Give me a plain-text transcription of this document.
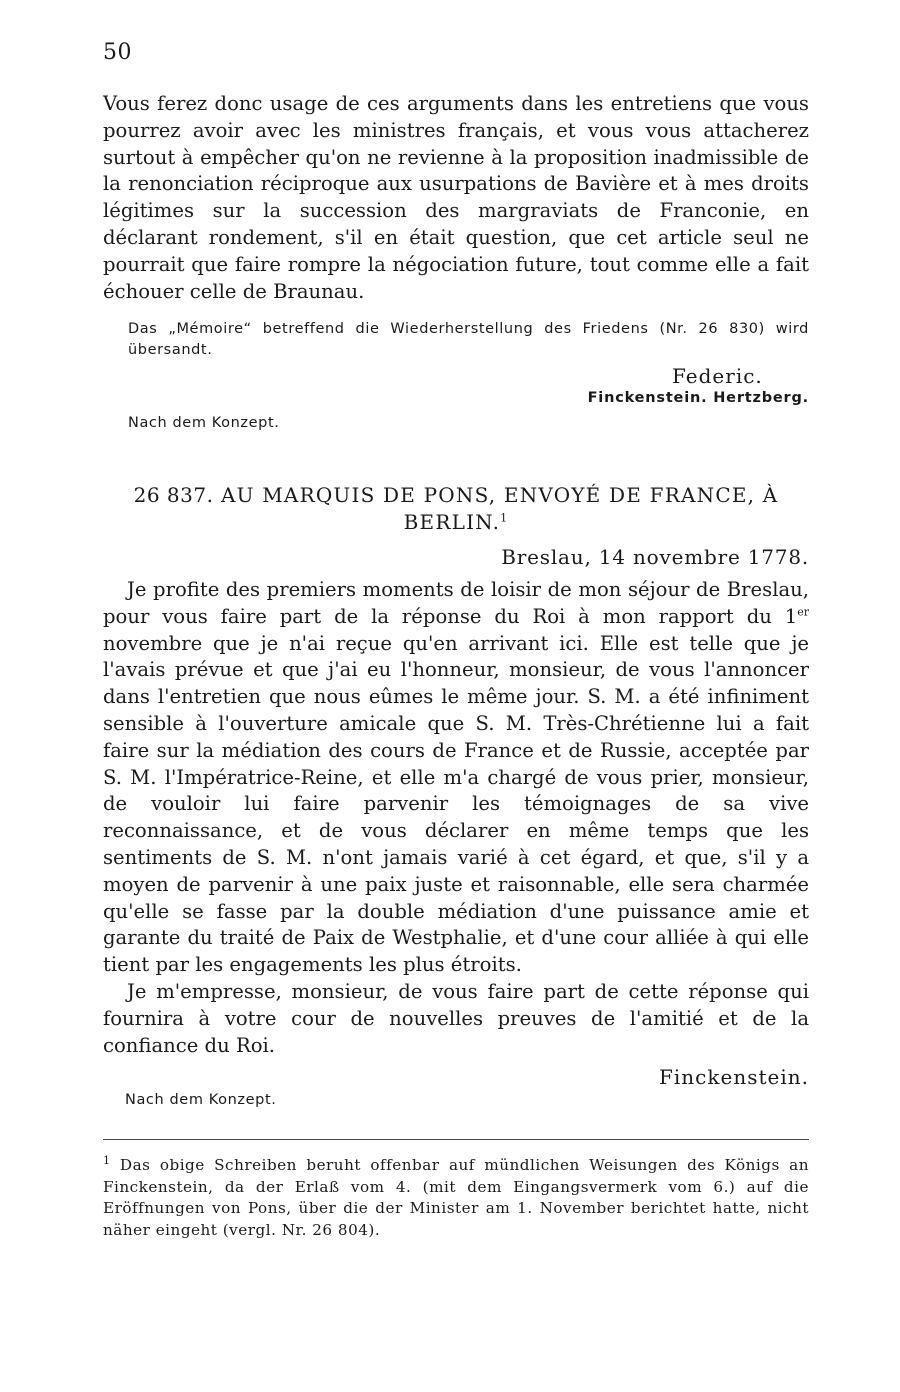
50

Vous ferez donc usage de ces arguments dans les entretiens que vous pourrez avoir avec les ministres français, et vous vous attacherez surtout à empêcher qu'on ne revienne à la proposition inadmissible de la renonciation réciproque aux usurpations de Bavière et à mes droits légitimes sur la succession des margraviats de Franconie, en déclarant rondement, s'il en était question, que cet article seul ne pourrait que faire rompre la négociation future, tout comme elle a fait échouer celle de Braunau.

Das „Mémoire“ betreffend die Wiederherstellung des Friedens (Nr. 26 830) wird übersandt.
Federic.
Finckenstein. Hertzberg.
Nach dem Konzept.
26 837. AU MARQUIS DE PONS, ENVOYÉ DE FRANCE, À BERLIN.$^1$
Breslau, 14 novembre 1778.

Je profite des premiers moments de loisir de mon séjour de Breslau, pour vous faire part de la réponse du Roi à mon rapport du 1er novembre que je n'ai reçue qu'en arrivant ici. Elle est telle que je l'avais prévue et que j'ai eu l'honneur, monsieur, de vous l'annoncer dans l'entretien que nous eûmes le même jour. S. M. a été infiniment sensible à l'ouverture amicale que S. M. Très-Chrétienne lui a fait faire sur la médiation des cours de France et de Russie, acceptée par S. M. l'Impératrice-Reine, et elle m'a chargé de vous prier, monsieur, de vouloir lui faire parvenir les témoignages de sa vive reconnaissance, et de vous déclarer en même temps que les sentiments de S. M. n'ont jamais varié à cet égard, et que, s'il y a moyen de parvenir à une paix juste et raisonnable, elle sera charmée qu'elle se fasse par la double médiation d'une puissance amie et garante du traité de Paix de Westphalie, et d'une cour alliée à qui elle tient par les engagements les plus étroits.

Je m'empresse, monsieur, de vous faire part de cette réponse qui fournira à votre cour de nouvelles preuves de l'amitié et de la confiance du Roi.

Finckenstein.
Nach dem Konzept.
$^1$ Das obige Schreiben beruht offenbar auf mündlichen Weisungen des Königs an Finckenstein, da der Erlaß vom 4. (mit dem Eingangsvermerk vom 6.) auf die Eröffnungen von Pons, über die der Minister am 1. November berichtet hatte, nicht näher eingeht (vergl. Nr. 26 804).
